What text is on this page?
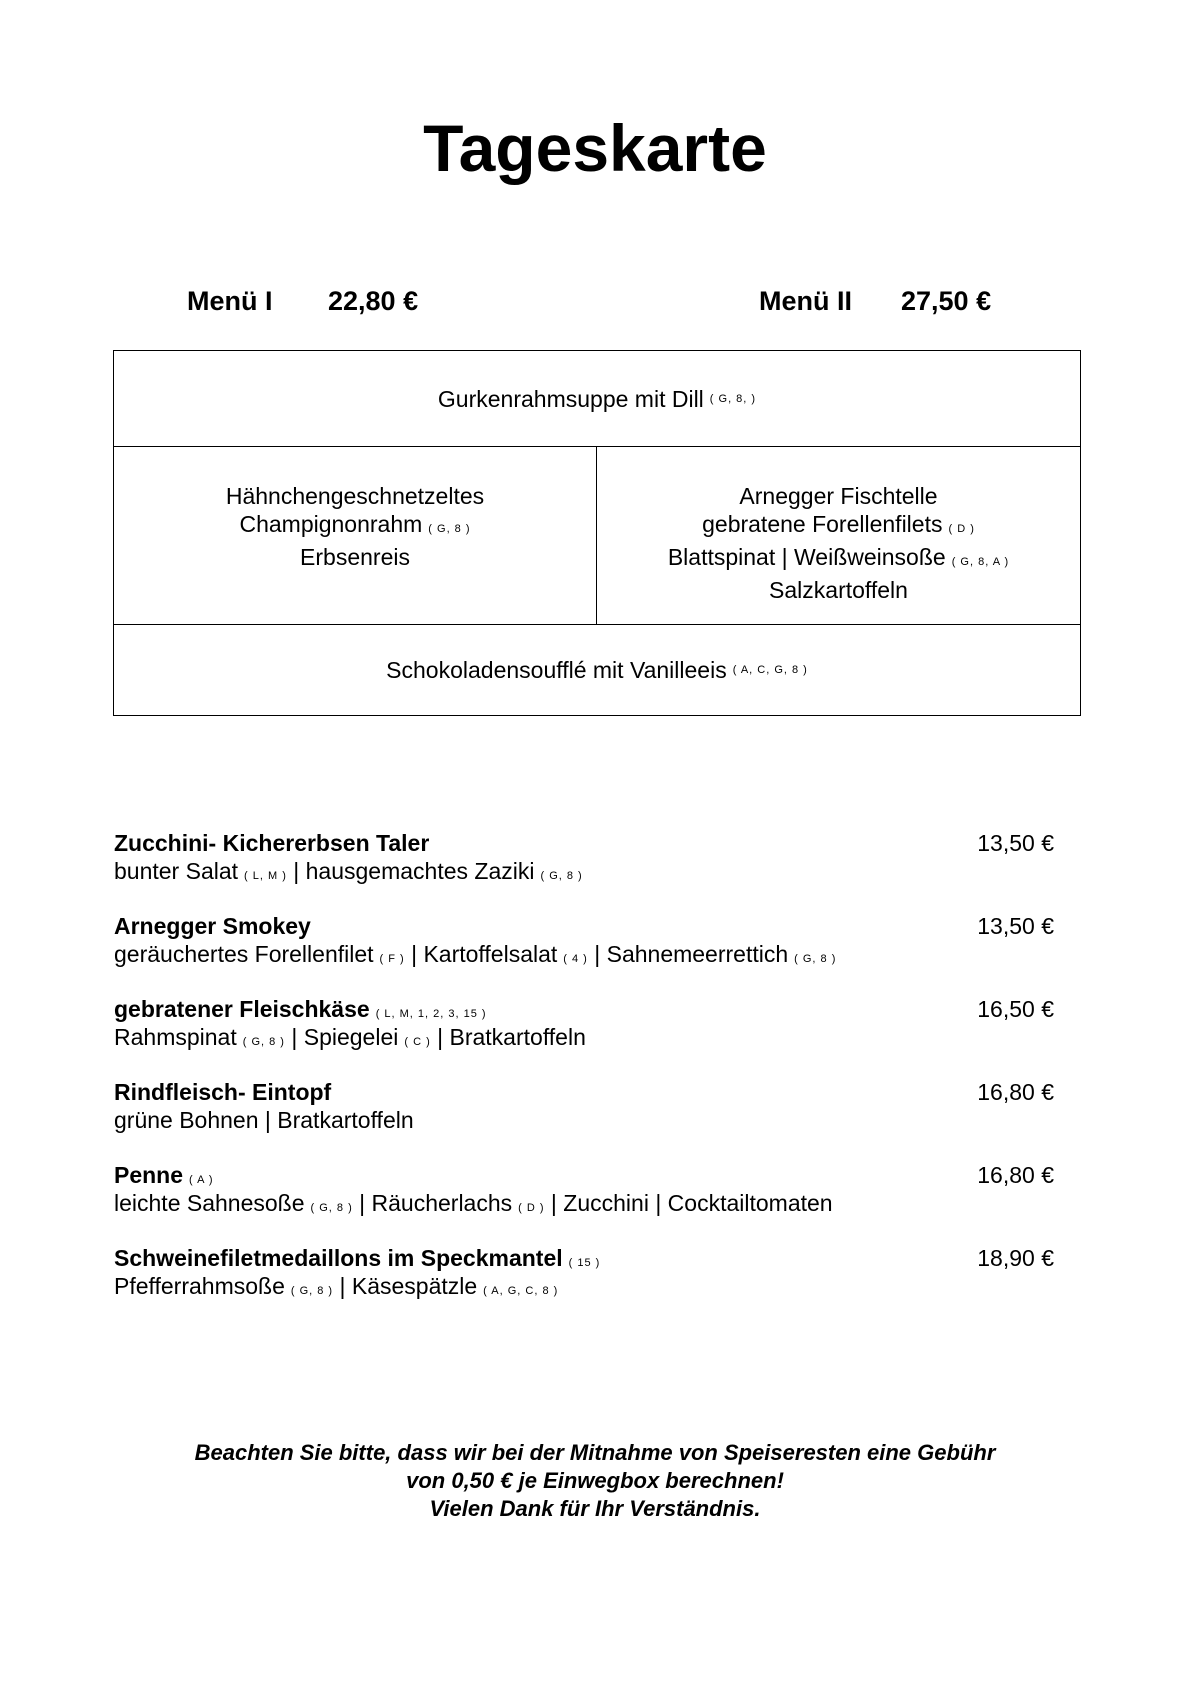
Tageskarte
Menü I 22,80 €	Menü II 27,50 €
Gurkenrahmsuppe mit Dill ( G, 8, )
Hähnchengeschnetzeltes
Champignonrahm ( G, 8 )
Erbsenreis
Arnegger Fischtelle
gebratene Forellenfilets ( D )
Blattspinat | Weißweinsoße ( G, 8, A )
Salzkartoffeln
Schokoladensoufflé mit Vanilleeis ( A, C, G, 8 )
Zucchini- Kichererbsen Taler
bunter Salat ( L, M ) | hausgemachtes Zaziki ( G, 8 )
13,50 €
Arnegger Smokey
geräuchertes Forellenfilet ( F ) | Kartoffelsalat ( 4 ) | Sahnemeerrettich ( G, 8 )
13,50 €
gebratener Fleischkäse ( L, M, 1, 2, 3, 15 )
Rahmspinat ( G, 8 ) | Spiegelei ( C ) | Bratkartoffeln
16,50 €
Rindfleisch- Eintopf
grüne Bohnen | Bratkartoffeln
16,80 €
Penne ( A )
leichte Sahnesoße ( G, 8 ) | Räucherlachs ( D ) | Zucchini | Cocktailtomaten
16,80 €
Schweinefiletmedaillons im Speckmantel ( 15 )
Pfefferrahmsoße ( G, 8 ) | Käsespätzle ( A, G, C, 8 )
18,90 €
Beachten Sie bitte, dass wir bei der Mitnahme von Speiseresten eine Gebühr
von 0,50 € je Einwegbox berechnen!
Vielen Dank für Ihr Verständnis.
